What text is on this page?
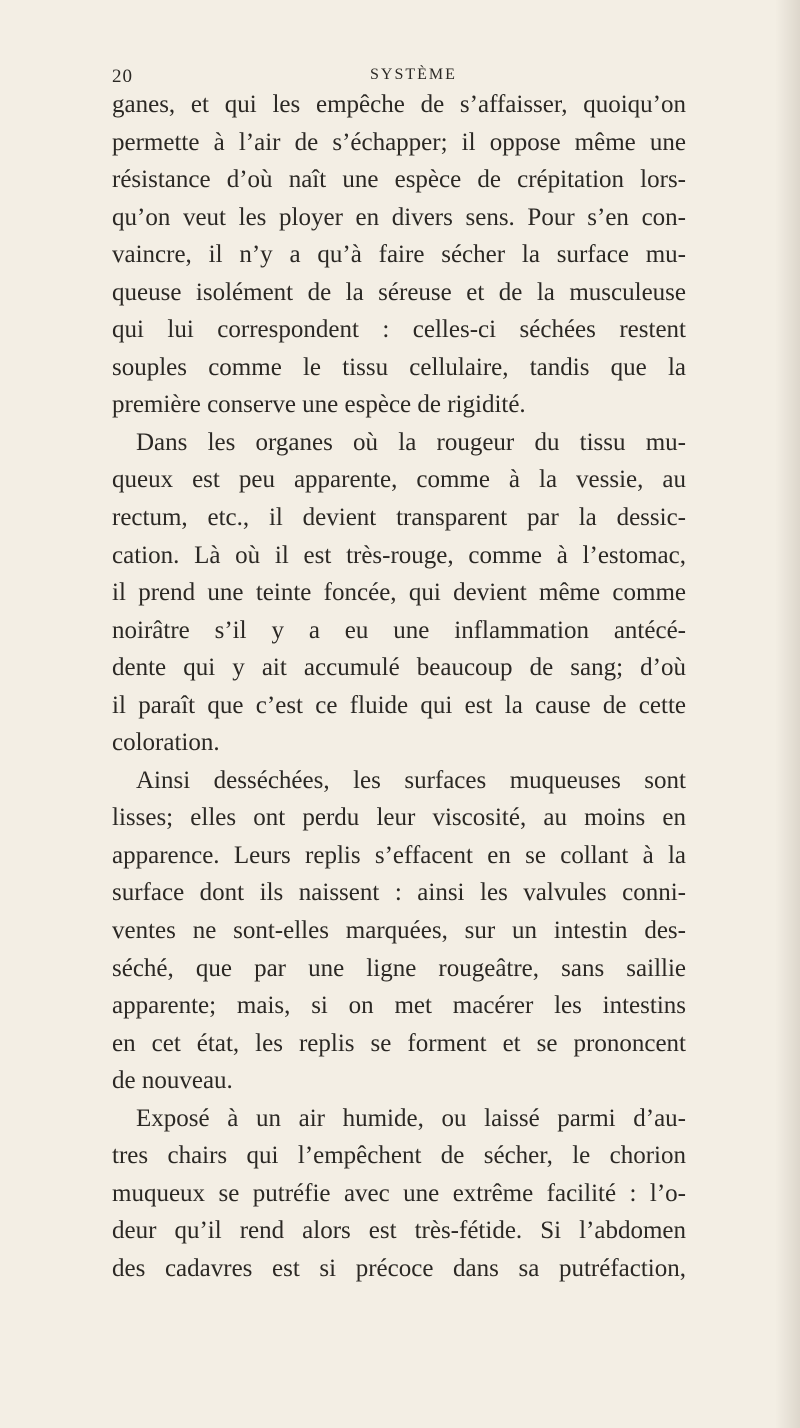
20	SYSTÈME
ganes, et qui les empêche de s’affaisser, quoiqu’on
permette à l’air de s’échapper; il oppose même une
résistance d’où naît une espèce de crépitation lors-
qu’on veut les ployer en divers sens. Pour s’en con-
vaincre, il n’y a qu’à faire sécher la surface mu-
queuse isolément de la séreuse et de la musculeuse
qui lui correspondent : celles-ci séchées restent
souples comme le tissu cellulaire, tandis que la
première conserve une espèce de rigidité.
Dans les organes où la rougeur du tissu mu-
queux est peu apparente, comme à la vessie, au
rectum, etc., il devient transparent par la dessic-
cation. Là où il est très-rouge, comme à l’estomac,
il prend une teinte foncée, qui devient même comme
noirâtre s’il y a eu une inflammation antécé-
dente qui y ait accumulé beaucoup de sang; d’où
il paraît que c’est ce fluide qui est la cause de cette
coloration.
Ainsi desséchées, les surfaces muqueuses sont
lisses; elles ont perdu leur viscosité, au moins en
apparence. Leurs replis s’effacent en se collant à la
surface dont ils naissent : ainsi les valvules conni-
ventes ne sont-elles marquées, sur un intestin des-
séché, que par une ligne rougeâtre, sans saillie
apparente; mais, si on met macérer les intestins
en cet état, les replis se forment et se prononcent
de nouveau.
Exposé à un air humide, ou laissé parmi d’au-
tres chairs qui l’empêchent de sécher, le chorion
muqueux se putréfie avec une extrême facilité : l’o-
deur qu’il rend alors est très-fétide. Si l’abdomen
des cadavres est si précoce dans sa putréfaction,
